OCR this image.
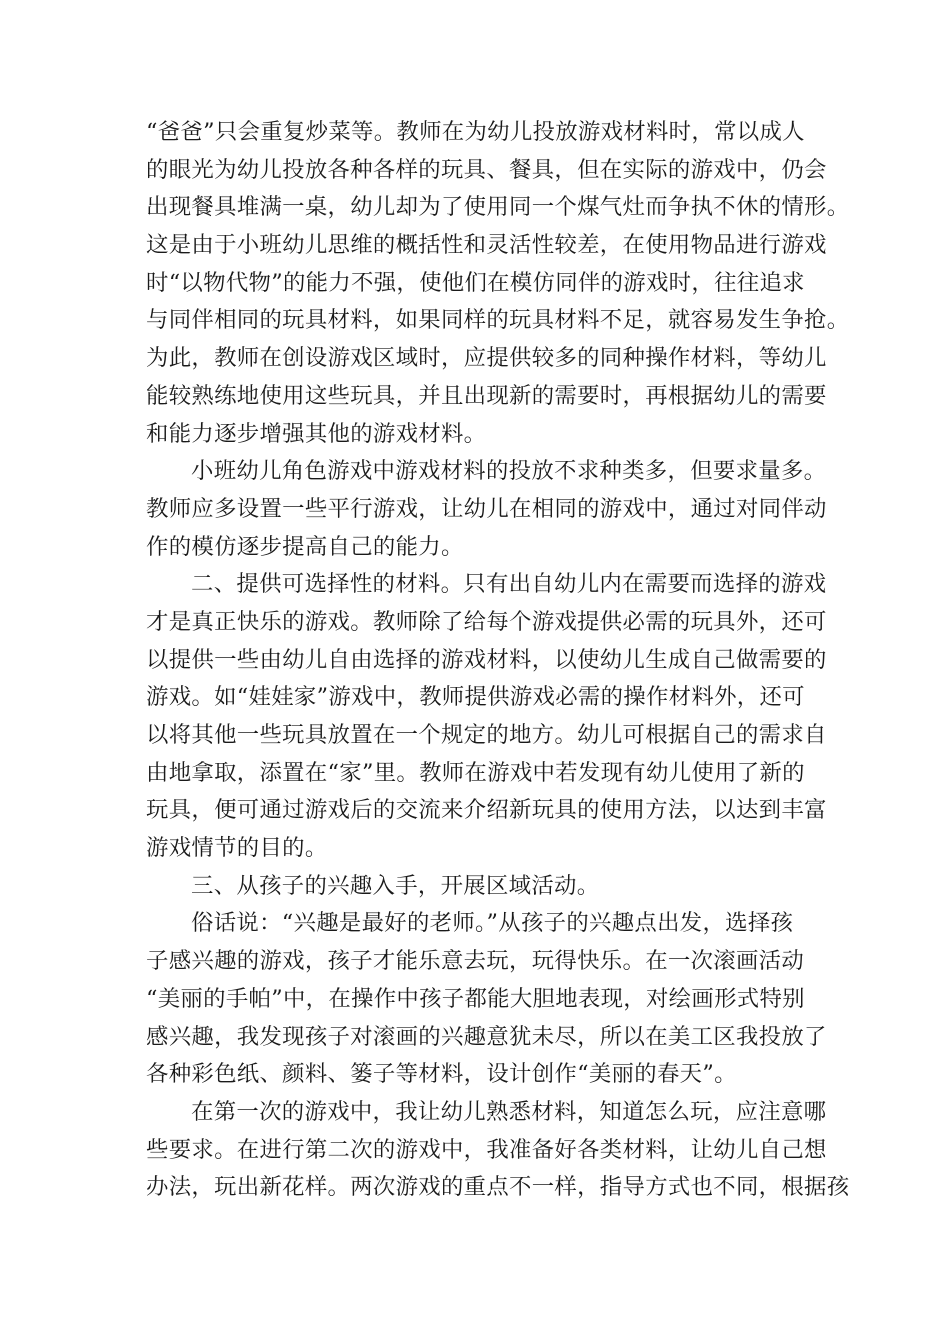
“爸爸”只会重复炒菜等。教师在为幼儿投放游戏材料时，常以成人
的眼光为幼儿投放各种各样的玩具、餐具，但在实际的游戏中，仍会
出现餐具堆满一桌，幼儿却为了使用同一个煤气灶而争执不休的情形。
这是由于小班幼儿思维的概括性和灵活性较差，在使用物品进行游戏
时“以物代物”的能力不强，使他们在模仿同伴的游戏时，往往追求
与同伴相同的玩具材料，如果同样的玩具材料不足，就容易发生争抢。
为此，教师在创设游戏区域时，应提供较多的同种操作材料，等幼儿
能较熟练地使用这些玩具，并且出现新的需要时，再根据幼儿的需要
和能力逐步增强其他的游戏材料。
小班幼儿角色游戏中游戏材料的投放不求种类多，但要求量多。
教师应多设置一些平行游戏，让幼儿在相同的游戏中，通过对同伴动
作的模仿逐步提高自己的能力。
二、提供可选择性的材料。只有出自幼儿内在需要而选择的游戏
才是真正快乐的游戏。教师除了给每个游戏提供必需的玩具外，还可
以提供一些由幼儿自由选择的游戏材料，以使幼儿生成自己做需要的
游戏。如“娃娃家”游戏中，教师提供游戏必需的操作材料外，还可
以将其他一些玩具放置在一个规定的地方。幼儿可根据自己的需求自
由地拿取，添置在“家”里。教师在游戏中若发现有幼儿使用了新的
玩具，便可通过游戏后的交流来介绍新玩具的使用方法，以达到丰富
游戏情节的目的。
三、从孩子的兴趣入手，开展区域活动。
俗话说：“兴趣是最好的老师。”从孩子的兴趣点出发，选择孩
子感兴趣的游戏，孩子才能乐意去玩，玩得快乐。在一次滚画活动
“美丽的手帕”中，在操作中孩子都能大胆地表现，对绘画形式特别
感兴趣，我发现孩子对滚画的兴趣意犹未尽，所以在美工区我投放了
各种彩色纸、颜料、篓子等材料，设计创作“美丽的春天”。
在第一次的游戏中，我让幼儿熟悉材料，知道怎么玩，应注意哪
些要求。在进行第二次的游戏中，我准备好各类材料，让幼儿自己想
办法，玩出新花样。两次游戏的重点不一样，指导方式也不同，根据孩
